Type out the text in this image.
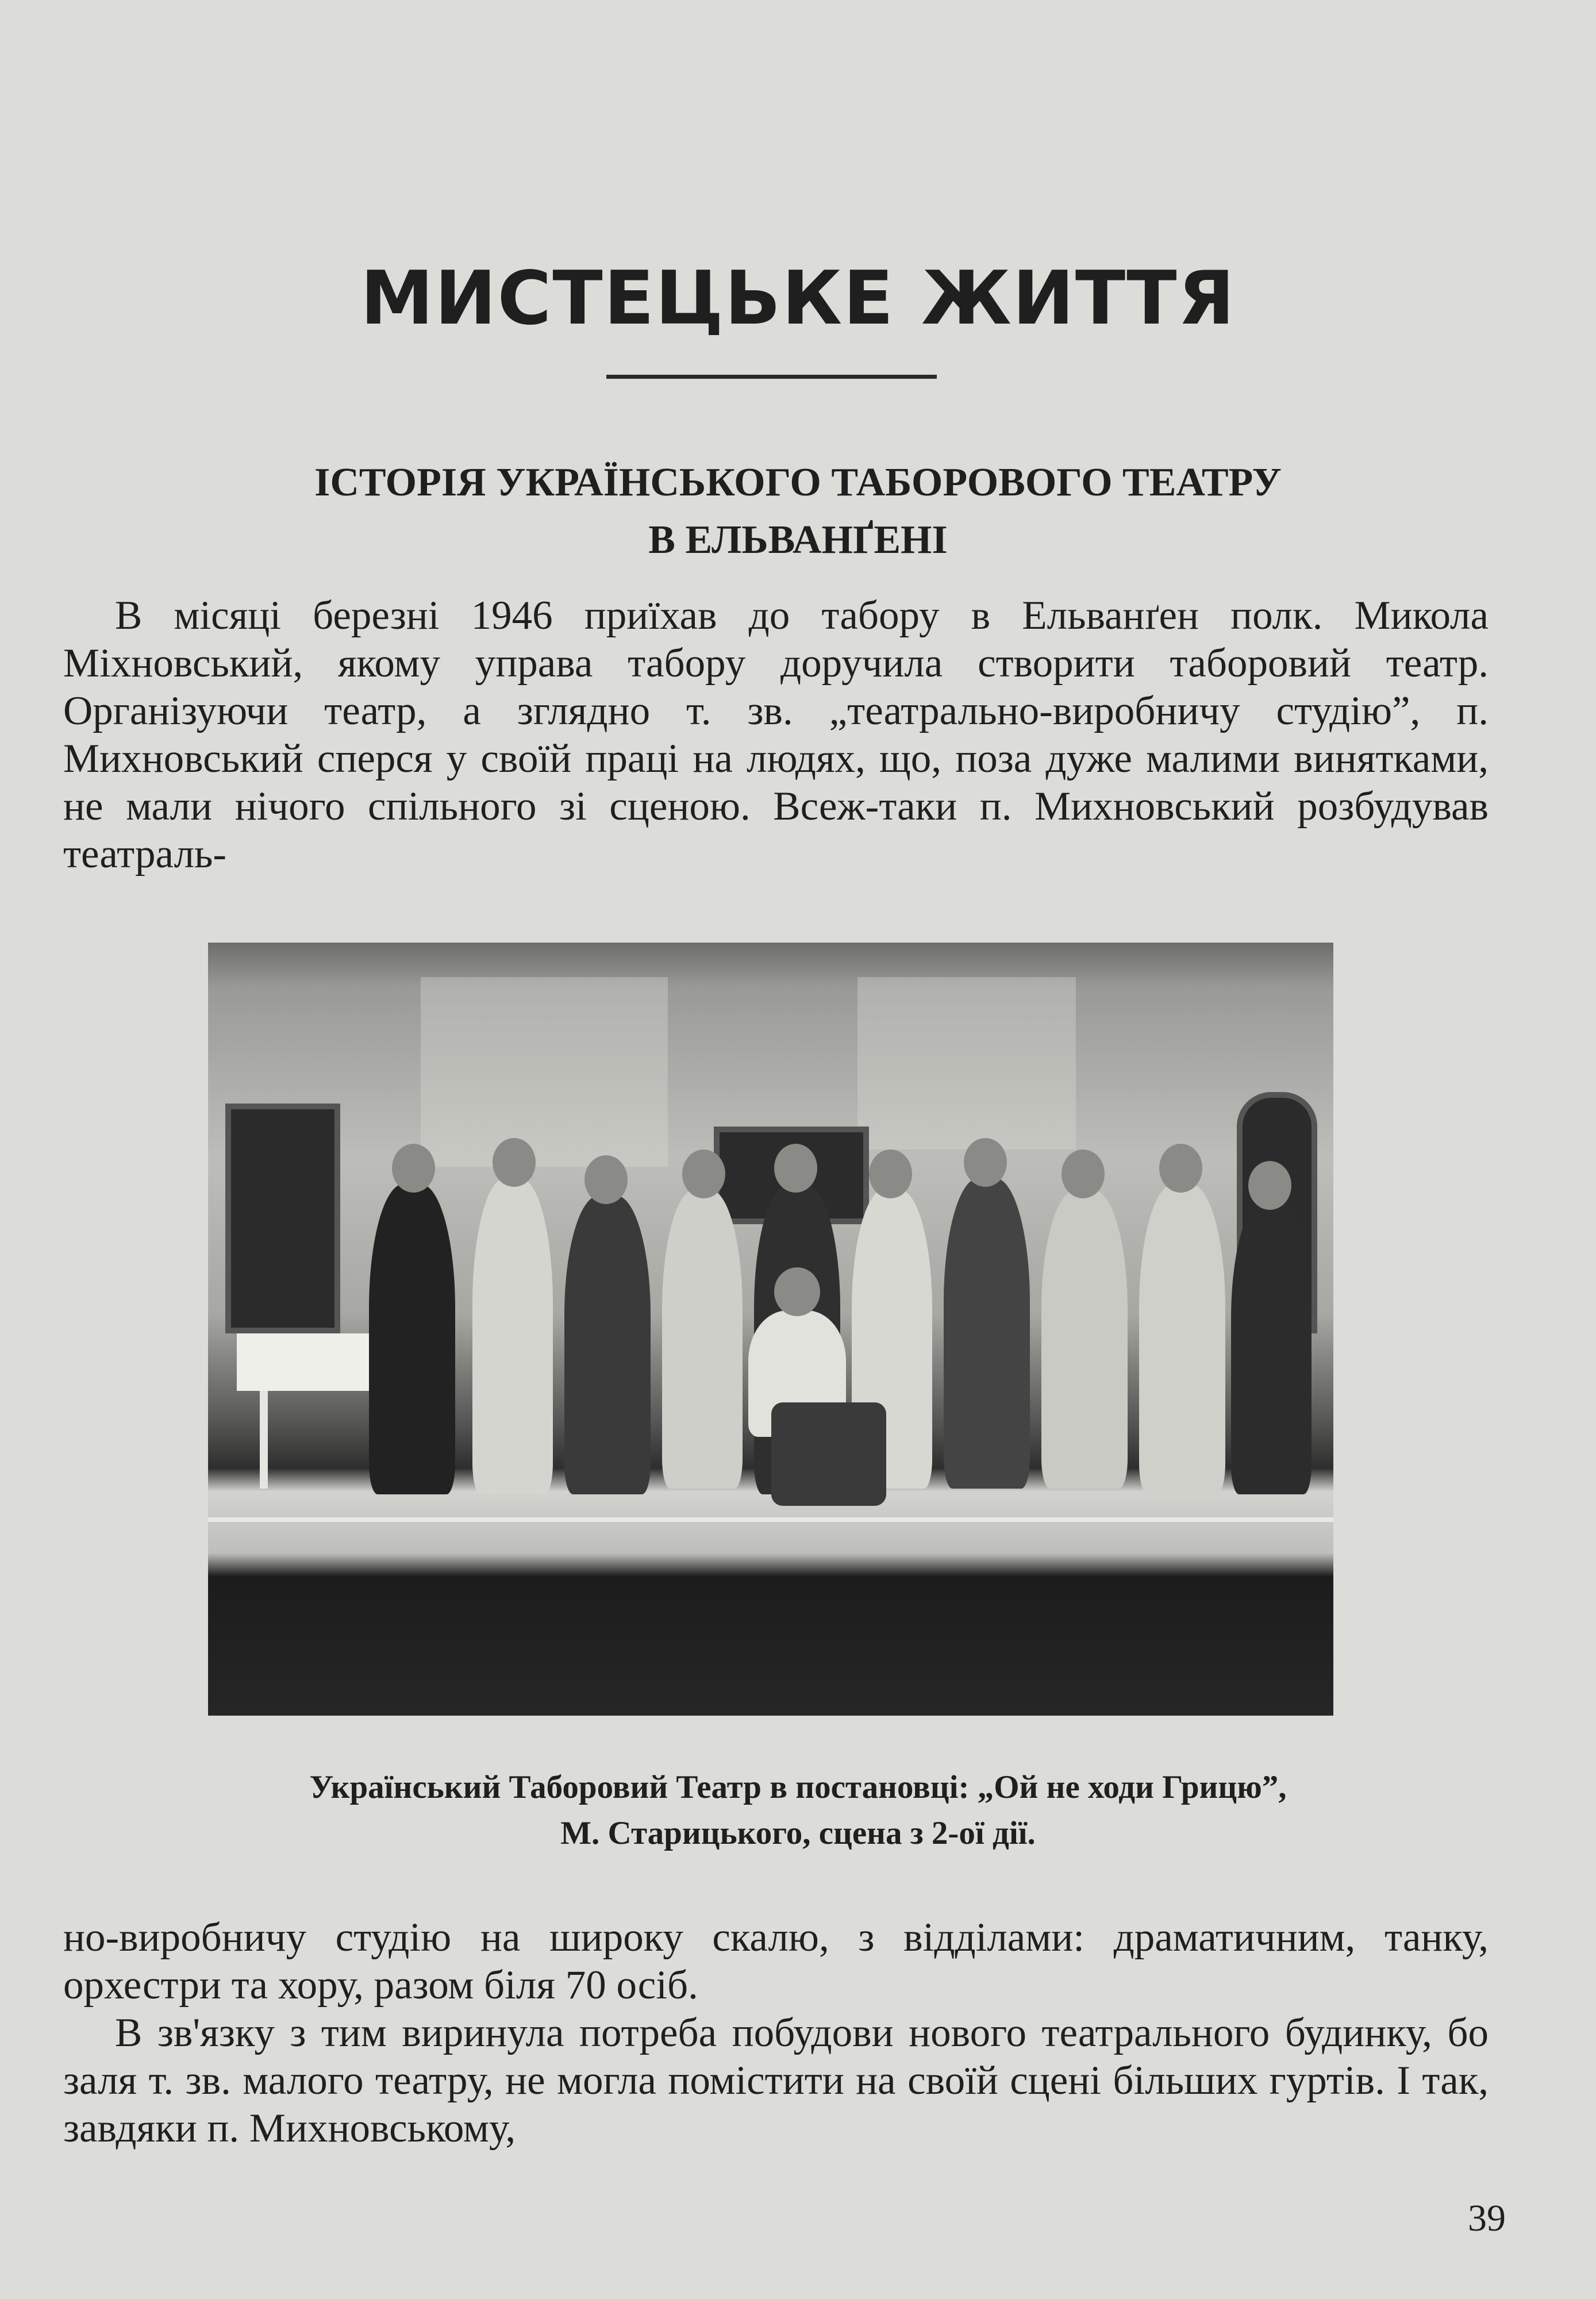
МИСТЕЦЬКЕ ЖИТТЯ
ІСТОРІЯ УКРАЇНСЬКОГО ТАБОРОВОГО ТЕАТРУ
В ЕЛЬВАНҐЕНІ

В місяці березні 1946 приїхав до табору в Ельванґен полк. Микола Міхновський, якому управа табору доручила створити таборовий театр. Організуючи театр, а зглядно т. зв. „театрально-виробничу студію”, п. Михновський сперся у своїй праці на людях, що, поза дуже малими винятками, не мали нічого спільного зі сценою. Всеж-таки п. Михновський розбудував театраль-

Український Таборовий Театр в постановці: „Ой не ходи Грицю”,
М. Старицького, сцена з 2-ої дії.

но-виробничу студію на широку скалю, з відділами: драматичним, танку, орхестри та хору, разом біля 70 осіб.

В зв'язку з тим виринула потреба побудови нового театрального будинку, бо заля т. зв. малого театру, не могла помістити на своїй сцені більших гуртів. І так, завдяки п. Михновському,

39
